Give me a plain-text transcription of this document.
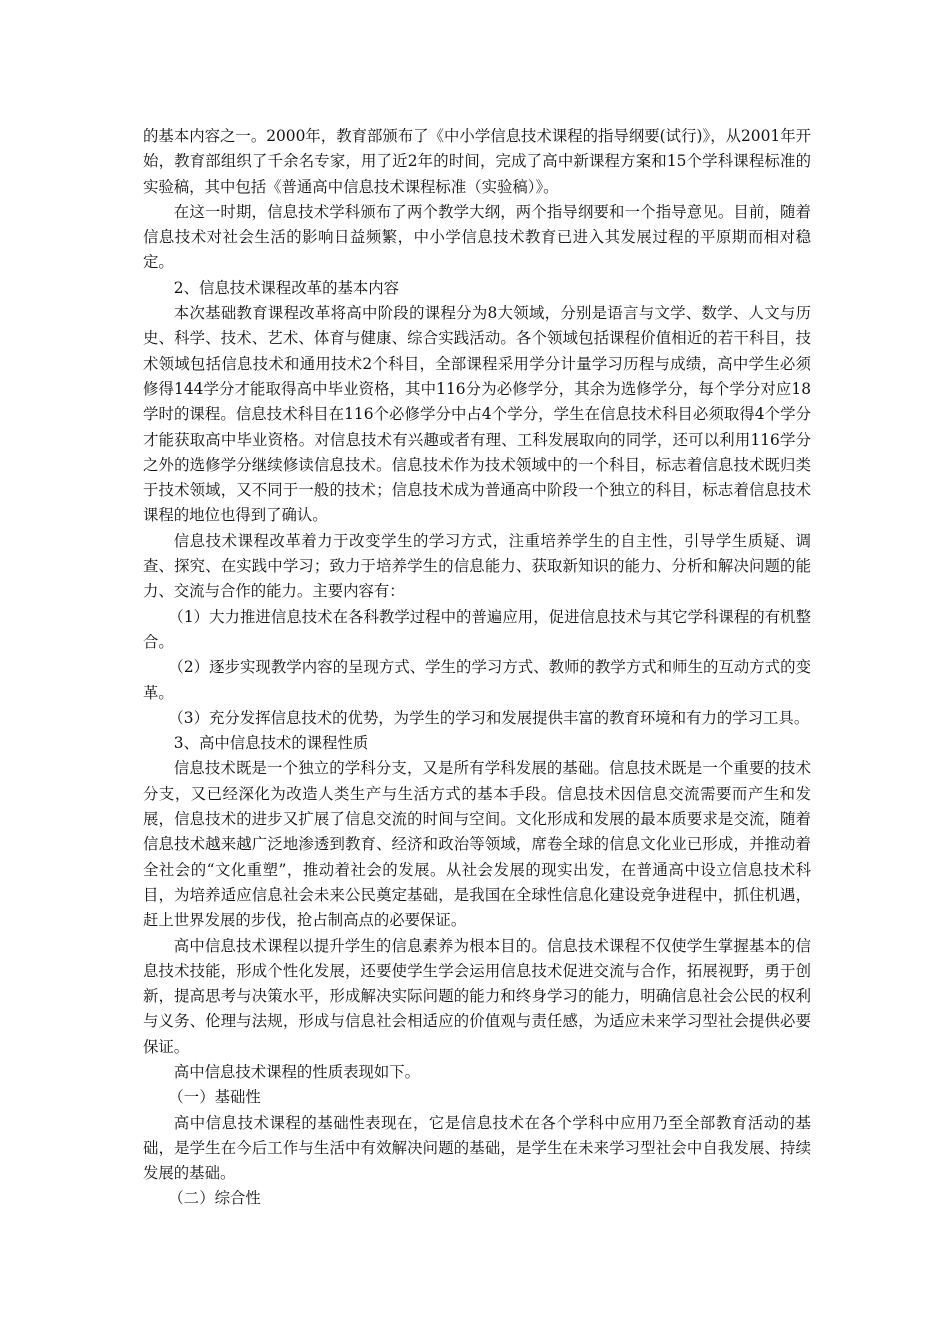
的基本内容之一。2000年，教育部颁布了《中小学信息技术课程的指导纲要(试行)》，从2001年开始，教育部组织了千余名专家，用了近2年的时间，完成了高中新课程方案和15个学科课程标准的实验稿，其中包括《普通高中信息技术课程标准（实验稿）》。

在这一时期，信息技术学科颁布了两个教学大纲，两个指导纲要和一个指导意见。目前，随着信息技术对社会生活的影响日益频繁，中小学信息技术教育已进入其发展过程的平原期而相对稳定。

2、信息技术课程改革的基本内容

本次基础教育课程改革将高中阶段的课程分为8大领域，分别是语言与文学、数学、人文与历史、科学、技术、艺术、体育与健康、综合实践活动。各个领域包括课程价值相近的若干科目，技术领域包括信息技术和通用技术2个科目，全部课程采用学分计量学习历程与成绩，高中学生必须修得144学分才能取得高中毕业资格，其中116分为必修学分，其余为选修学分，每个学分对应18学时的课程。信息技术科目在116个必修学分中占4个学分，学生在信息技术科目必须取得4个学分才能获取高中毕业资格。对信息技术有兴趣或者有理、工科发展取向的同学，还可以利用116学分之外的选修学分继续修读信息技术。信息技术作为技术领域中的一个科目，标志着信息技术既归类于技术领域，又不同于一般的技术；信息技术成为普通高中阶段一个独立的科目，标志着信息技术课程的地位也得到了确认。

信息技术课程改革着力于改变学生的学习方式，注重培养学生的自主性，引导学生质疑、调查、探究、在实践中学习；致力于培养学生的信息能力、获取新知识的能力、分析和解决问题的能力、交流与合作的能力。主要内容有：

（1）大力推进信息技术在各科教学过程中的普遍应用，促进信息技术与其它学科课程的有机整合。

（2）逐步实现教学内容的呈现方式、学生的学习方式、教师的教学方式和师生的互动方式的变革。

（3）充分发挥信息技术的优势，为学生的学习和发展提供丰富的教育环境和有力的学习工具。

3、高中信息技术的课程性质

信息技术既是一个独立的学科分支，又是所有学科发展的基础。信息技术既是一个重要的技术分支，又已经深化为改造人类生产与生活方式的基本手段。信息技术因信息交流需要而产生和发展，信息技术的进步又扩展了信息交流的时间与空间。文化形成和发展的最本质要求是交流，随着信息技术越来越广泛地渗透到教育、经济和政治等领域，席卷全球的信息文化业已形成，并推动着全社会的“文化重塑”，推动着社会的发展。从社会发展的现实出发，在普通高中设立信息技术科目，为培养适应信息社会未来公民奠定基础，是我国在全球性信息化建设竞争进程中，抓住机遇，赶上世界发展的步伐，抢占制高点的必要保证。

高中信息技术课程以提升学生的信息素养为根本目的。信息技术课程不仅使学生掌握基本的信息技术技能，形成个性化发展，还要使学生学会运用信息技术促进交流与合作，拓展视野，勇于创新，提高思考与决策水平，形成解决实际问题的能力和终身学习的能力，明确信息社会公民的权利与义务、伦理与法规，形成与信息社会相适应的价值观与责任感，为适应未来学习型社会提供必要保证。

高中信息技术课程的性质表现如下。

（一）基础性

高中信息技术课程的基础性表现在，它是信息技术在各个学科中应用乃至全部教育活动的基础，是学生在今后工作与生活中有效解决问题的基础，是学生在未来学习型社会中自我发展、持续发展的基础。

（二）综合性
